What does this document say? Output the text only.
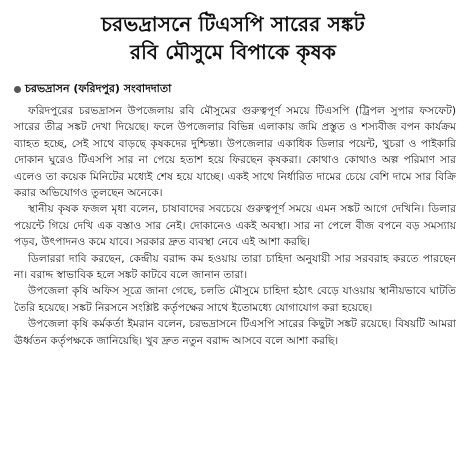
চরভদ্রাসনে টিএসপি সারের সঙ্কট
রবি মৌসুমে বিপাকে কৃষক
চরভদ্রাসন (ফরিদপুর) সংবাদদাতা

ফরিদপুরের চরভদ্রাসন উপজেলায় রবি মৌসুমের গুরুত্বপূর্ণ সময়ে টিএসপি (ট্রিপল সুপার ফসফেট) সারের তীব্র সঙ্কট দেখা দিয়েছে। ফলে উপজেলার বিভিন্ন এলাকায় জমি প্রস্তুত ও শস্যবীজ বপন কার্যক্রম ব্যাহত হচ্ছে, সেই সাথে বাড়ছে কৃষকদের দুশ্চিন্তা। উপজেলার একাধিক ডিলার পয়েন্ট, খুচরা ও পাইকারি দোকান ঘুরেও টিএসপি সার না পেয়ে হতাশ হয়ে ফিরছেন কৃষকরা। কোথাও কোথাও অল্প পরিমাণ সার এলেও তা কয়েক মিনিটের মধ্যেই শেষ হয়ে যাচ্ছে। একই সাথে নির্ধারিত দামের চেয়ে বেশি দামে সার বিক্রি করার অভিযোগও তুলছেন অনেকে।

স্থানীয় কৃষক ফজল মৃধা বলেন, চাষাবাদের সবচেয়ে গুরুত্বপূর্ণ সময়ে এমন সঙ্কট আগে দেখিনি। ডিলার পয়েন্টে গিয়ে দেখি এক বস্তাও সার নেই। দোকানেও একই অবস্থা। সার না পেলে বীজ বপনে বড় সমস্যায় পড়ব, উৎপাদনও কমে যাবে। সরকার দ্রুত ব্যবস্থা নেবে এই আশা করছি।

ডিলাররা দাবি করছেন, কেন্দ্রীয় বরাদ্দ কম হওয়ায় তারা চাহিদা অনুযায়ী সার সরবরাহ করতে পারছেন না। বরাদ্দ স্বাভাবিক হলে সঙ্কট কাটবে বলে জানান তারা।

উপজেলা কৃষি অফিস সূত্রে জানা গেছে, চলতি মৌসুমে চাহিদা হঠাৎ বেড়ে যাওয়ায় স্থানীয়ভাবে ঘাটতি তৈরি হয়েছে। সঙ্কট নিরসনে সংশ্লিষ্ট কর্তৃপক্ষের সাথে ইতোমধ্যে যোগাযোগ করা হয়েছে।

উপজেলা কৃষি কর্মকর্তা ইমরান বলেন, চরভদ্রাসনে টিএসপি সারের কিছুটা সঙ্কট রয়েছে। বিষয়টি আমরা ঊর্ধ্বতন কর্তৃপক্ষকে জানিয়েছি। খুব দ্রুত নতুন বরাদ্দ আসবে বলে আশা করছি।
